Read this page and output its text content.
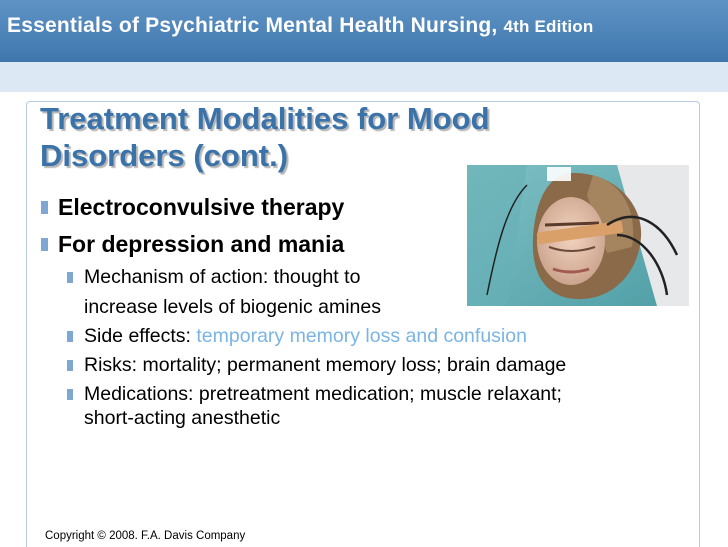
Essentials of Psychiatric Mental Health Nursing, 4th Edition
Treatment Modalities for Mood
Disorders (cont.)
Electroconvulsive therapy
For depression and mania
Mechanism of action: thought to
increase levels of biogenic amines
Side effects: temporary memory loss and confusion
Risks: mortality; permanent memory loss; brain damage
Medications: pretreatment medication; muscle relaxant;
short-acting anesthetic
Copyright © 2008. F.A. Davis Company
